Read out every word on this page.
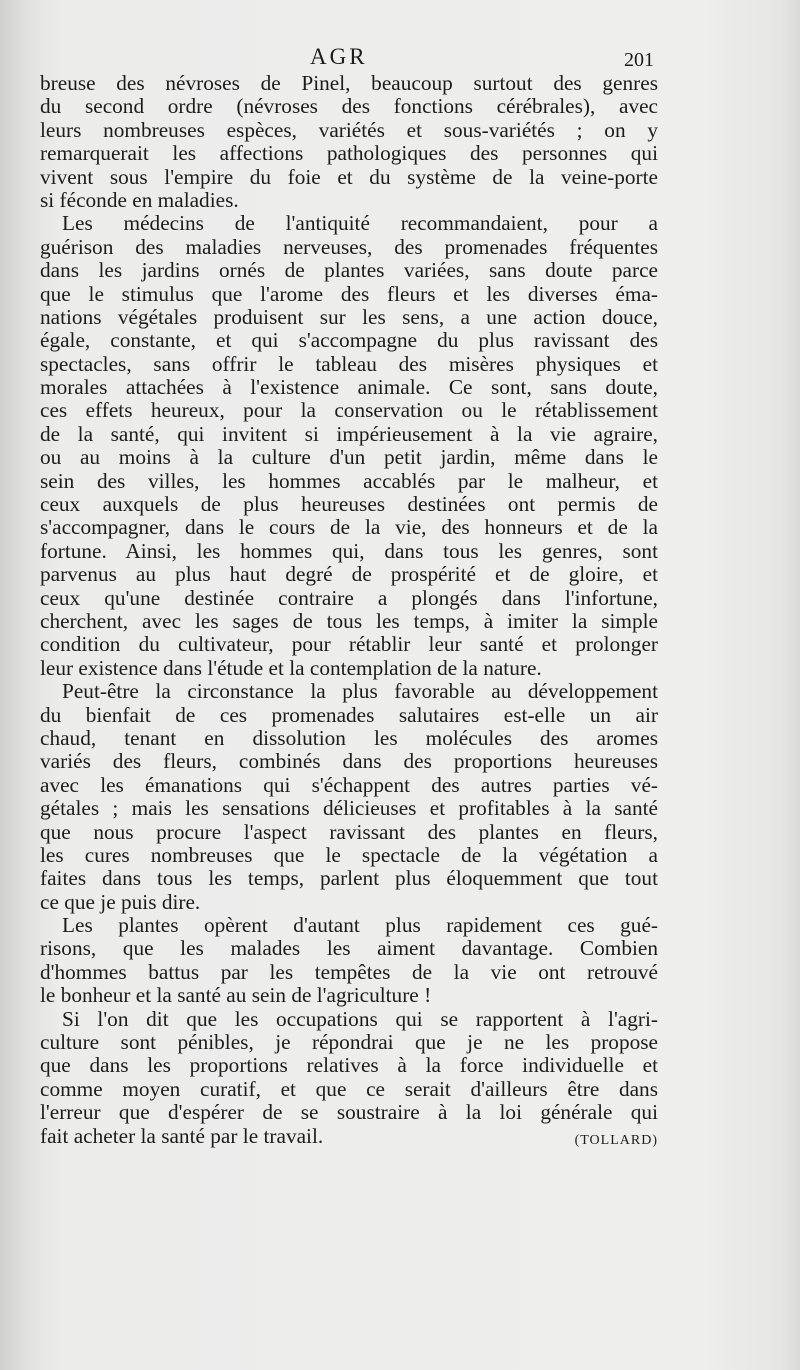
AGR	201
breuse des névroses de Pinel, beaucoup surtout des genres
du second ordre (névroses des fonctions cérébrales), avec
leurs nombreuses espèces, variétés et sous-variétés ; on y
remarquerait les affections pathologiques des personnes qui
vivent sous l'empire du foie et du système de la veine-porte
si féconde en maladies.
Les médecins de l'antiquité recommandaient, pour a
guérison des maladies nerveuses, des promenades fréquentes
dans les jardins ornés de plantes variées, sans doute parce
que le stimulus que l'arome des fleurs et les diverses éma-
nations végétales produisent sur les sens, a une action douce,
égale, constante, et qui s'accompagne du plus ravissant des
spectacles, sans offrir le tableau des misères physiques et
morales attachées à l'existence animale. Ce sont, sans doute,
ces effets heureux, pour la conservation ou le rétablissement
de la santé, qui invitent si impérieusement à la vie agraire,
ou au moins à la culture d'un petit jardin, même dans le
sein des villes, les hommes accablés par le malheur, et
ceux auxquels de plus heureuses destinées ont permis de
s'accompagner, dans le cours de la vie, des honneurs et de la
fortune. Ainsi, les hommes qui, dans tous les genres, sont
parvenus au plus haut degré de prospérité et de gloire, et
ceux qu'une destinée contraire a plongés dans l'infortune,
cherchent, avec les sages de tous les temps, à imiter la simple
condition du cultivateur, pour rétablir leur santé et prolonger
leur existence dans l'étude et la contemplation de la nature.
Peut-être la circonstance la plus favorable au développement
du bienfait de ces promenades salutaires est-elle un air
chaud, tenant en dissolution les molécules des aromes
variés des fleurs, combinés dans des proportions heureuses
avec les émanations qui s'échappent des autres parties vé-
gétales ; mais les sensations délicieuses et profitables à la santé
que nous procure l'aspect ravissant des plantes en fleurs,
les cures nombreuses que le spectacle de la végétation a
faites dans tous les temps, parlent plus éloquemment que tout
ce que je puis dire.
Les plantes opèrent d'autant plus rapidement ces gué-
risons, que les malades les aiment davantage. Combien
d'hommes battus par les tempêtes de la vie ont retrouvé
le bonheur et la santé au sein de l'agriculture !
Si l'on dit que les occupations qui se rapportent à l'agri-
culture sont pénibles, je répondrai que je ne les propose
que dans les proportions relatives à la force individuelle et
comme moyen curatif, et que ce serait d'ailleurs être dans
l'erreur que d'espérer de se soustraire à la loi générale qui
fait acheter la santé par le travail.	(TOLLARD)
